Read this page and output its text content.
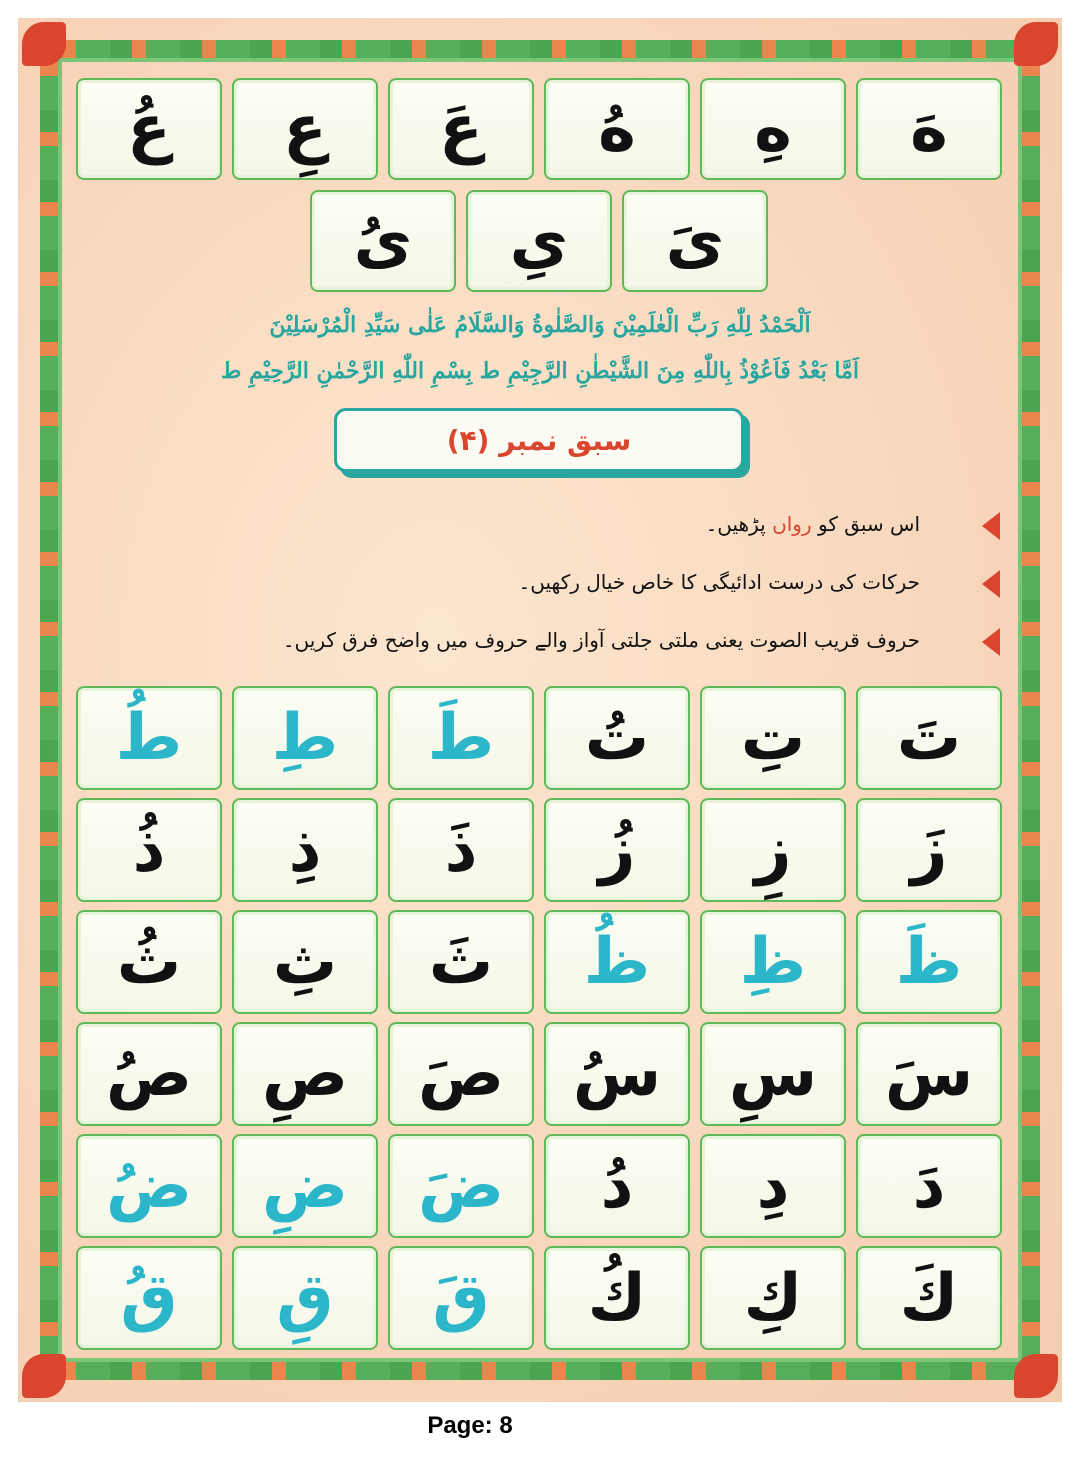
هَ
هِ
هُ
عَ
عِ
عُ
ىَ
ىِ
ىُ
اَلْحَمْدُ لِلّٰهِ رَبِّ الْعٰلَمِيْنَ وَالصَّلٰوةُ وَالسَّلَامُ عَلٰى سَيِّدِ الْمُرْسَلِيْنَ
اَمَّا بَعْدُ فَاَعُوْذُ بِاللّٰهِ مِنَ الشَّيْطٰنِ الرَّجِيْمِ ط بِسْمِ اللّٰهِ الرَّحْمٰنِ الرَّحِيْمِ ط
سبق نمبر (۴)
اس سبق کو رواں پڑھیں۔
حرکات کی درست ادائیگی کا خاص خیال رکھیں۔
حروف قریب الصوت یعنی ملتی جلتی آواز والے حروف میں واضح فرق کریں۔
تَ
تِ
تُ
طَ
طِ
طُ
زَ
زِ
زُ
ذَ
ذِ
ذُ
ظَ
ظِ
ظُ
ثَ
ثِ
ثُ
سَ
سِ
سُ
صَ
صِ
صُ
دَ
دِ
دُ
ضَ
ضِ
ضُ
كَ
كِ
كُ
قَ
قِ
قُ
Page: 8
